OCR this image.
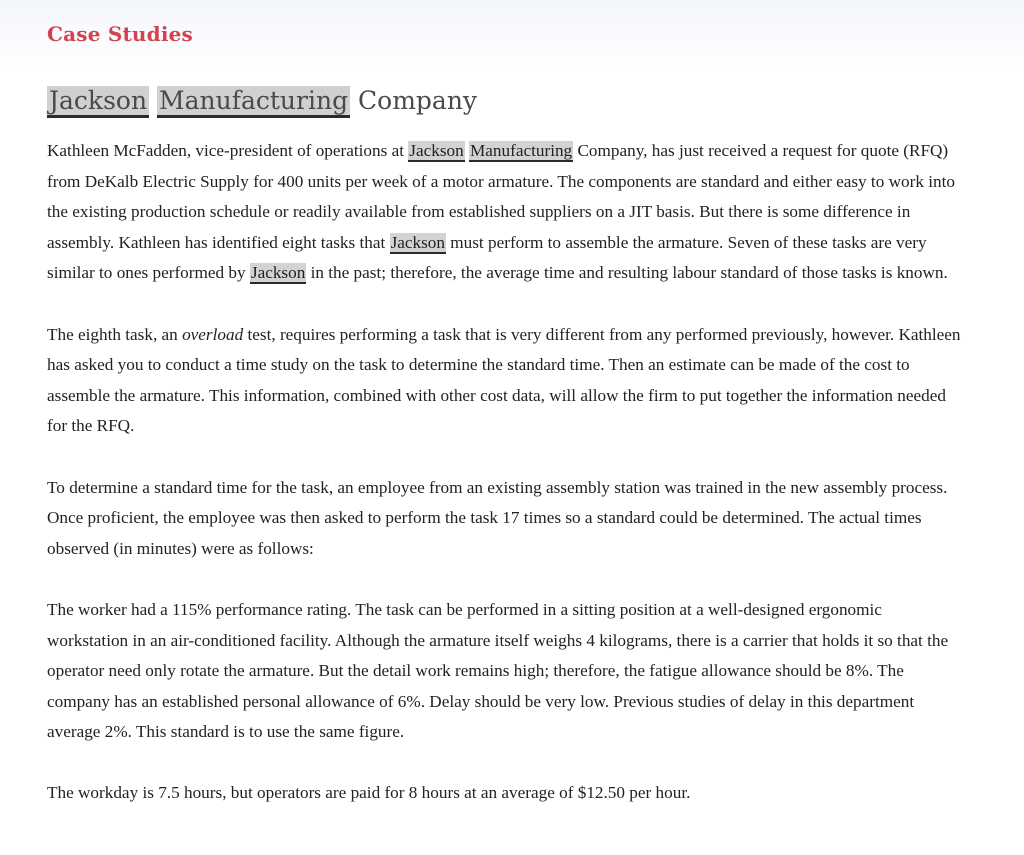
Case Studies
Jackson Manufacturing Company

Kathleen McFadden, vice-president of operations at Jackson Manufacturing Company, has just received a request for quote (RFQ) from DeKalb Electric Supply for 400 units per week of a motor armature. The components are standard and either easy to work into the existing production schedule or readily available from established suppliers on a JIT basis. But there is some difference in assembly. Kathleen has identified eight tasks that Jackson must perform to assemble the armature. Seven of these tasks are very similar to ones performed by Jackson in the past; therefore, the average time and resulting labour standard of those tasks is known.

The eighth task, an overload test, requires performing a task that is very different from any performed previously, however. Kathleen has asked you to conduct a time study on the task to determine the standard time. Then an estimate can be made of the cost to assemble the armature. This information, combined with other cost data, will allow the firm to put together the information needed for the RFQ.

To determine a standard time for the task, an employee from an existing assembly station was trained in the new assembly process. Once proficient, the employee was then asked to perform the task 17 times so a standard could be determined. The actual times observed (in minutes) were as follows:

The worker had a 115% performance rating. The task can be performed in a sitting position at a well-designed ergonomic workstation in an air-conditioned facility. Although the armature itself weighs 4 kilograms, there is a carrier that holds it so that the operator need only rotate the armature. But the detail work remains high; therefore, the fatigue allowance should be 8%. The company has an established personal allowance of 6%. Delay should be very low. Previous studies of delay in this department average 2%. This standard is to use the same figure.

The workday is 7.5 hours, but operators are paid for 8 hours at an average of $12.50 per hour.
